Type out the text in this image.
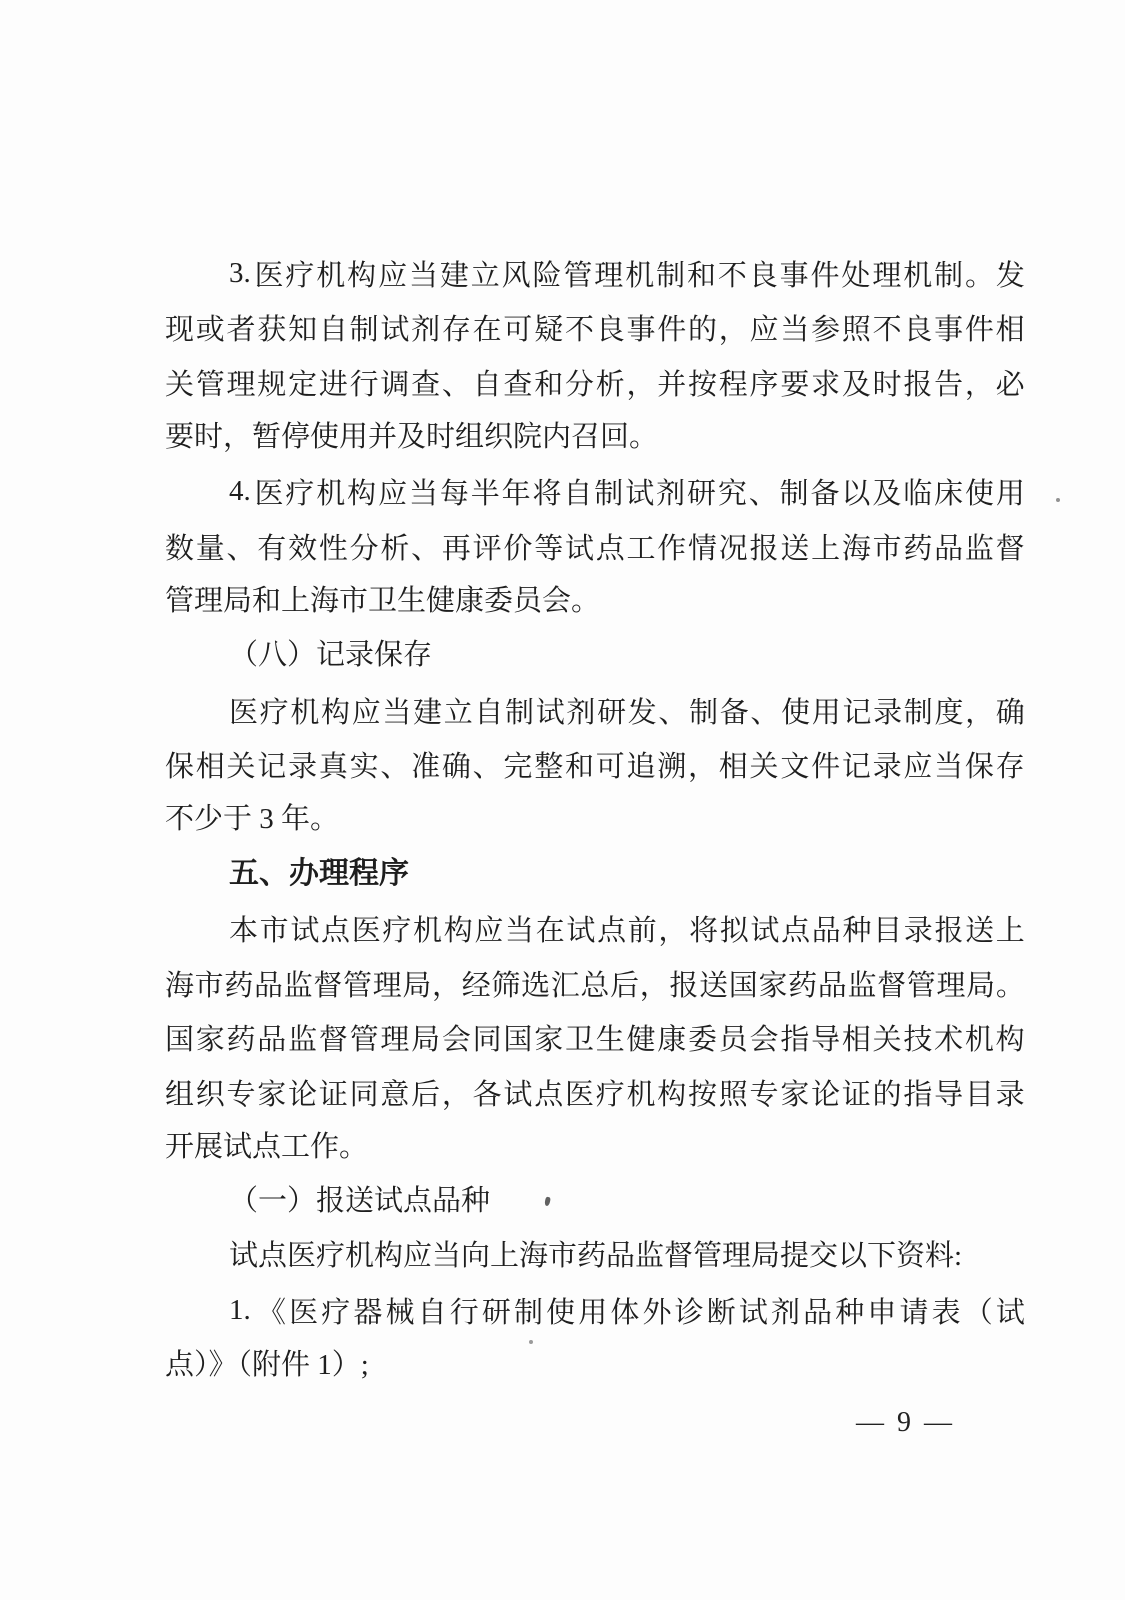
3. 医 疗 机 构 应 当 建 立 风 险 管 理 机 制 和 不 良 事 件 处 理 机 制 。 发
现 或 者 获 知 自 制 试 剂 存 在 可 疑 不 良 事 件 的 ， 应 当 参 照 不 良 事 件 相
关 管 理 规 定 进 行 调 查 、 自 查 和 分 析 ， 并 按 程 序 要 求 及 时 报 告 ， 必
要时，暂停使用并及时组织院内召回。
4. 医 疗 机 构 应 当 每 半 年 将 自 制 试 剂 研 究 、 制 备 以 及 临 床 使 用
数 量 、 有 效 性 分 析 、 再 评 价 等 试 点 工 作 情 况 报 送 上 海 市 药 品 监 督
管理局和上海市卫生健康委员会。
（八）记录保存
医 疗 机 构 应 当 建 立 自 制 试 剂 研 发 、 制 备 、 使 用 记 录 制 度 ， 确
保 相 关 记 录 真 实 、 准 确 、 完 整 和 可 追 溯 ， 相 关 文 件 记 录 应 当 保 存
不少于 3 年。
五、办理程序
本 市 试 点 医 疗 机 构 应 当 在 试 点 前 ， 将 拟 试 点 品 种 目 录 报 送 上
海 市 药 品 监 督 管 理 局 ， 经 筛 选 汇 总 后 ， 报 送 国 家 药 品 监 督 管 理 局 。
国 家 药 品 监 督 管 理 局 会 同 国 家 卫 生 健 康 委 员 会 指 导 相 关 技 术 机 构
组 织 专 家 论 证 同 意 后 ， 各 试 点 医 疗 机 构 按 照 专 家 论 证 的 指 导 目 录
开展试点工作。
（一）报送试点品种
试点医疗机构应当向上海市药品监督管理局提交以下资料:
1. 《 医 疗 器 械 自 行 研 制 使 用 体 外 诊 断 试 剂 品 种 申 请 表 （ 试
点）》（附件 1）;
— 9 —
